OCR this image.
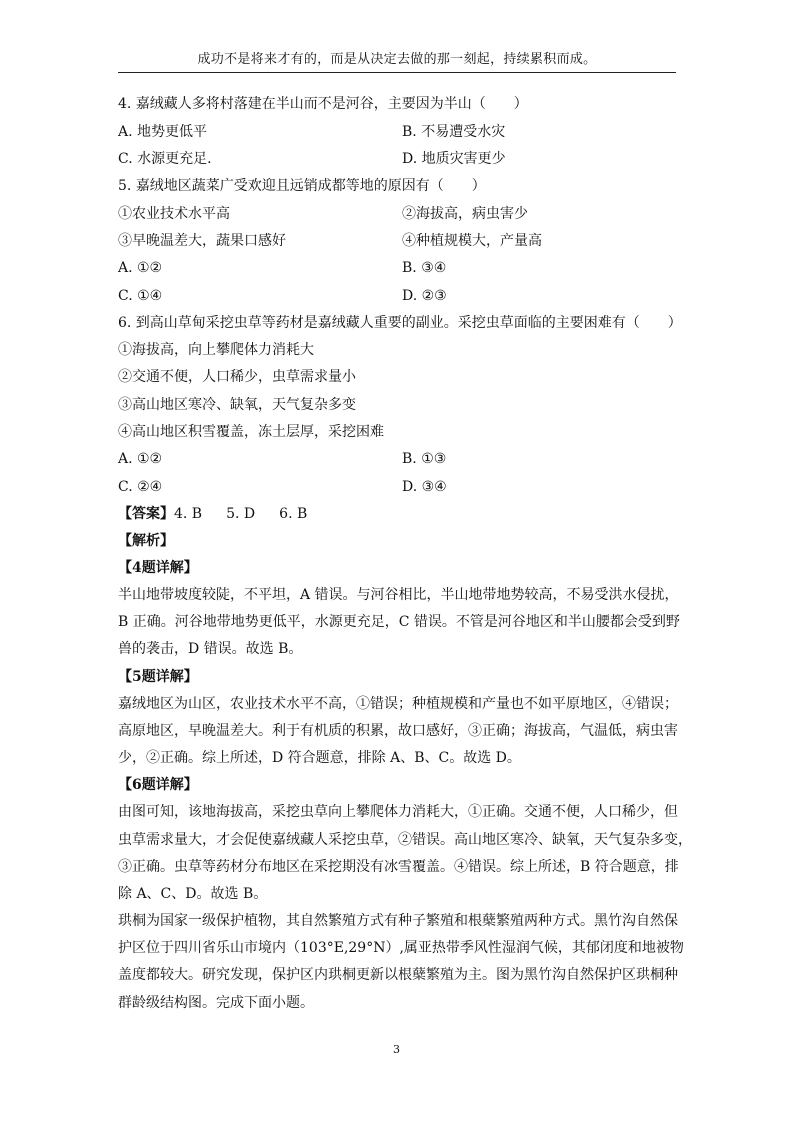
成功不是将来才有的，而是从决定去做的那一刻起，持续累积而成。
4. 嘉绒藏人多将村落建在半山而不是河谷，主要因为半山（　　）
A. 地势更低平	B. 不易遭受水灾
C. 水源更充足.	D. 地质灾害更少
5. 嘉绒地区蔬菜广受欢迎且远销成都等地的原因有（　　）
①农业技术水平高	②海拔高，病虫害少
③早晚温差大，蔬果口感好	④种植规模大，产量高
A. ①②	B. ③④
C. ①④	D. ②③
6. 到高山草甸采挖虫草等药材是嘉绒藏人重要的副业。采挖虫草面临的主要困难有（　　）
①海拔高，向上攀爬体力消耗大
②交通不便，人口稀少，虫草需求量小
③高山地区寒冷、缺氧，天气复杂多变
④高山地区积雪覆盖，冻土层厚，采挖困难
A. ①②	B. ①③
C. ②④	D. ③④
【答案】4. B 5. D 6. B
【解析】
【4题详解】
半山地带坡度较陡，不平坦，A 错误。与河谷相比，半山地带地势较高，不易受洪水侵扰，
B 正确。河谷地带地势更低平，水源更充足，C 错误。不管是河谷地区和半山腰都会受到野
兽的袭击，D 错误。故选 B。
【5题详解】
嘉绒地区为山区，农业技术水平不高，①错误；种植规模和产量也不如平原地区，④错误；
高原地区，早晚温差大。利于有机质的积累，故口感好，③正确；海拔高，气温低，病虫害
少，②正确。综上所述，D 符合题意，排除 A、B、C。故选 D。
【6题详解】
由图可知，该地海拔高，采挖虫草向上攀爬体力消耗大，①正确。交通不便，人口稀少，但
虫草需求量大，才会促使嘉绒藏人采挖虫草，②错误。高山地区寒冷、缺氧，天气复杂多变，
③正确。虫草等药材分布地区在采挖期没有冰雪覆盖。④错误。综上所述，B 符合题意，排
除 A、C、D。故选 B。
珙桐为国家一级保护植物，其自然繁殖方式有种子繁殖和根蘖繁殖两种方式。黑竹沟自然保
护区位于四川省乐山市境内（103°E,29°N）,属亚热带季风性湿润气候，其郁闭度和地被物
盖度都较大。研究发现，保护区内珙桐更新以根蘖繁殖为主。图为黑竹沟自然保护区珙桐种
群龄级结构图。完成下面小题。
3
